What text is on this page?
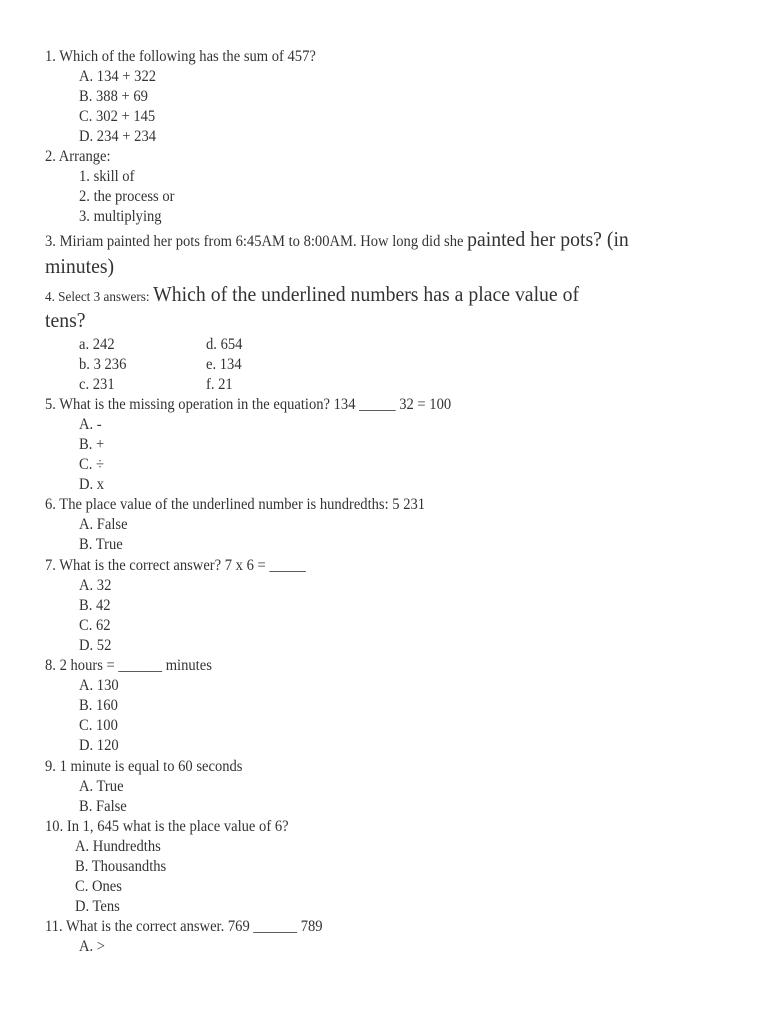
1. Which of the following has the sum of 457?
A. 134 + 322
B. 388 + 69
C. 302 + 145
D. 234 + 234
2. Arrange:
1. skill of
2. the process or
3. multiplying
3. Miriam painted her pots from 6:45AM to 8:00AM. How long did she painted her pots? (in
minutes)
4. Select 3 answers: Which of the underlined numbers has a place value of
tens?
a. 242
b. 3 236
c. 231
d. 654
e. 134
f. 21
5. What is the missing operation in the equation? 134 _____ 32 = 100
A. -
B. +
C. ÷
D. x
6. The place value of the underlined number is hundredths: 5 231
A. False
B. True
7. What is the correct answer? 7 x 6 = _____
A. 32
B. 42
C. 62
D. 52
8. 2 hours = ______ minutes
A. 130
B. 160
C. 100
D. 120
9. 1 minute is equal to 60 seconds
A. True
B. False
10. In 1, 645 what is the place value of 6?
A. Hundredths
B. Thousandths
C. Ones
D. Tens
11. What is the correct answer. 769 ______ 789
A. >
